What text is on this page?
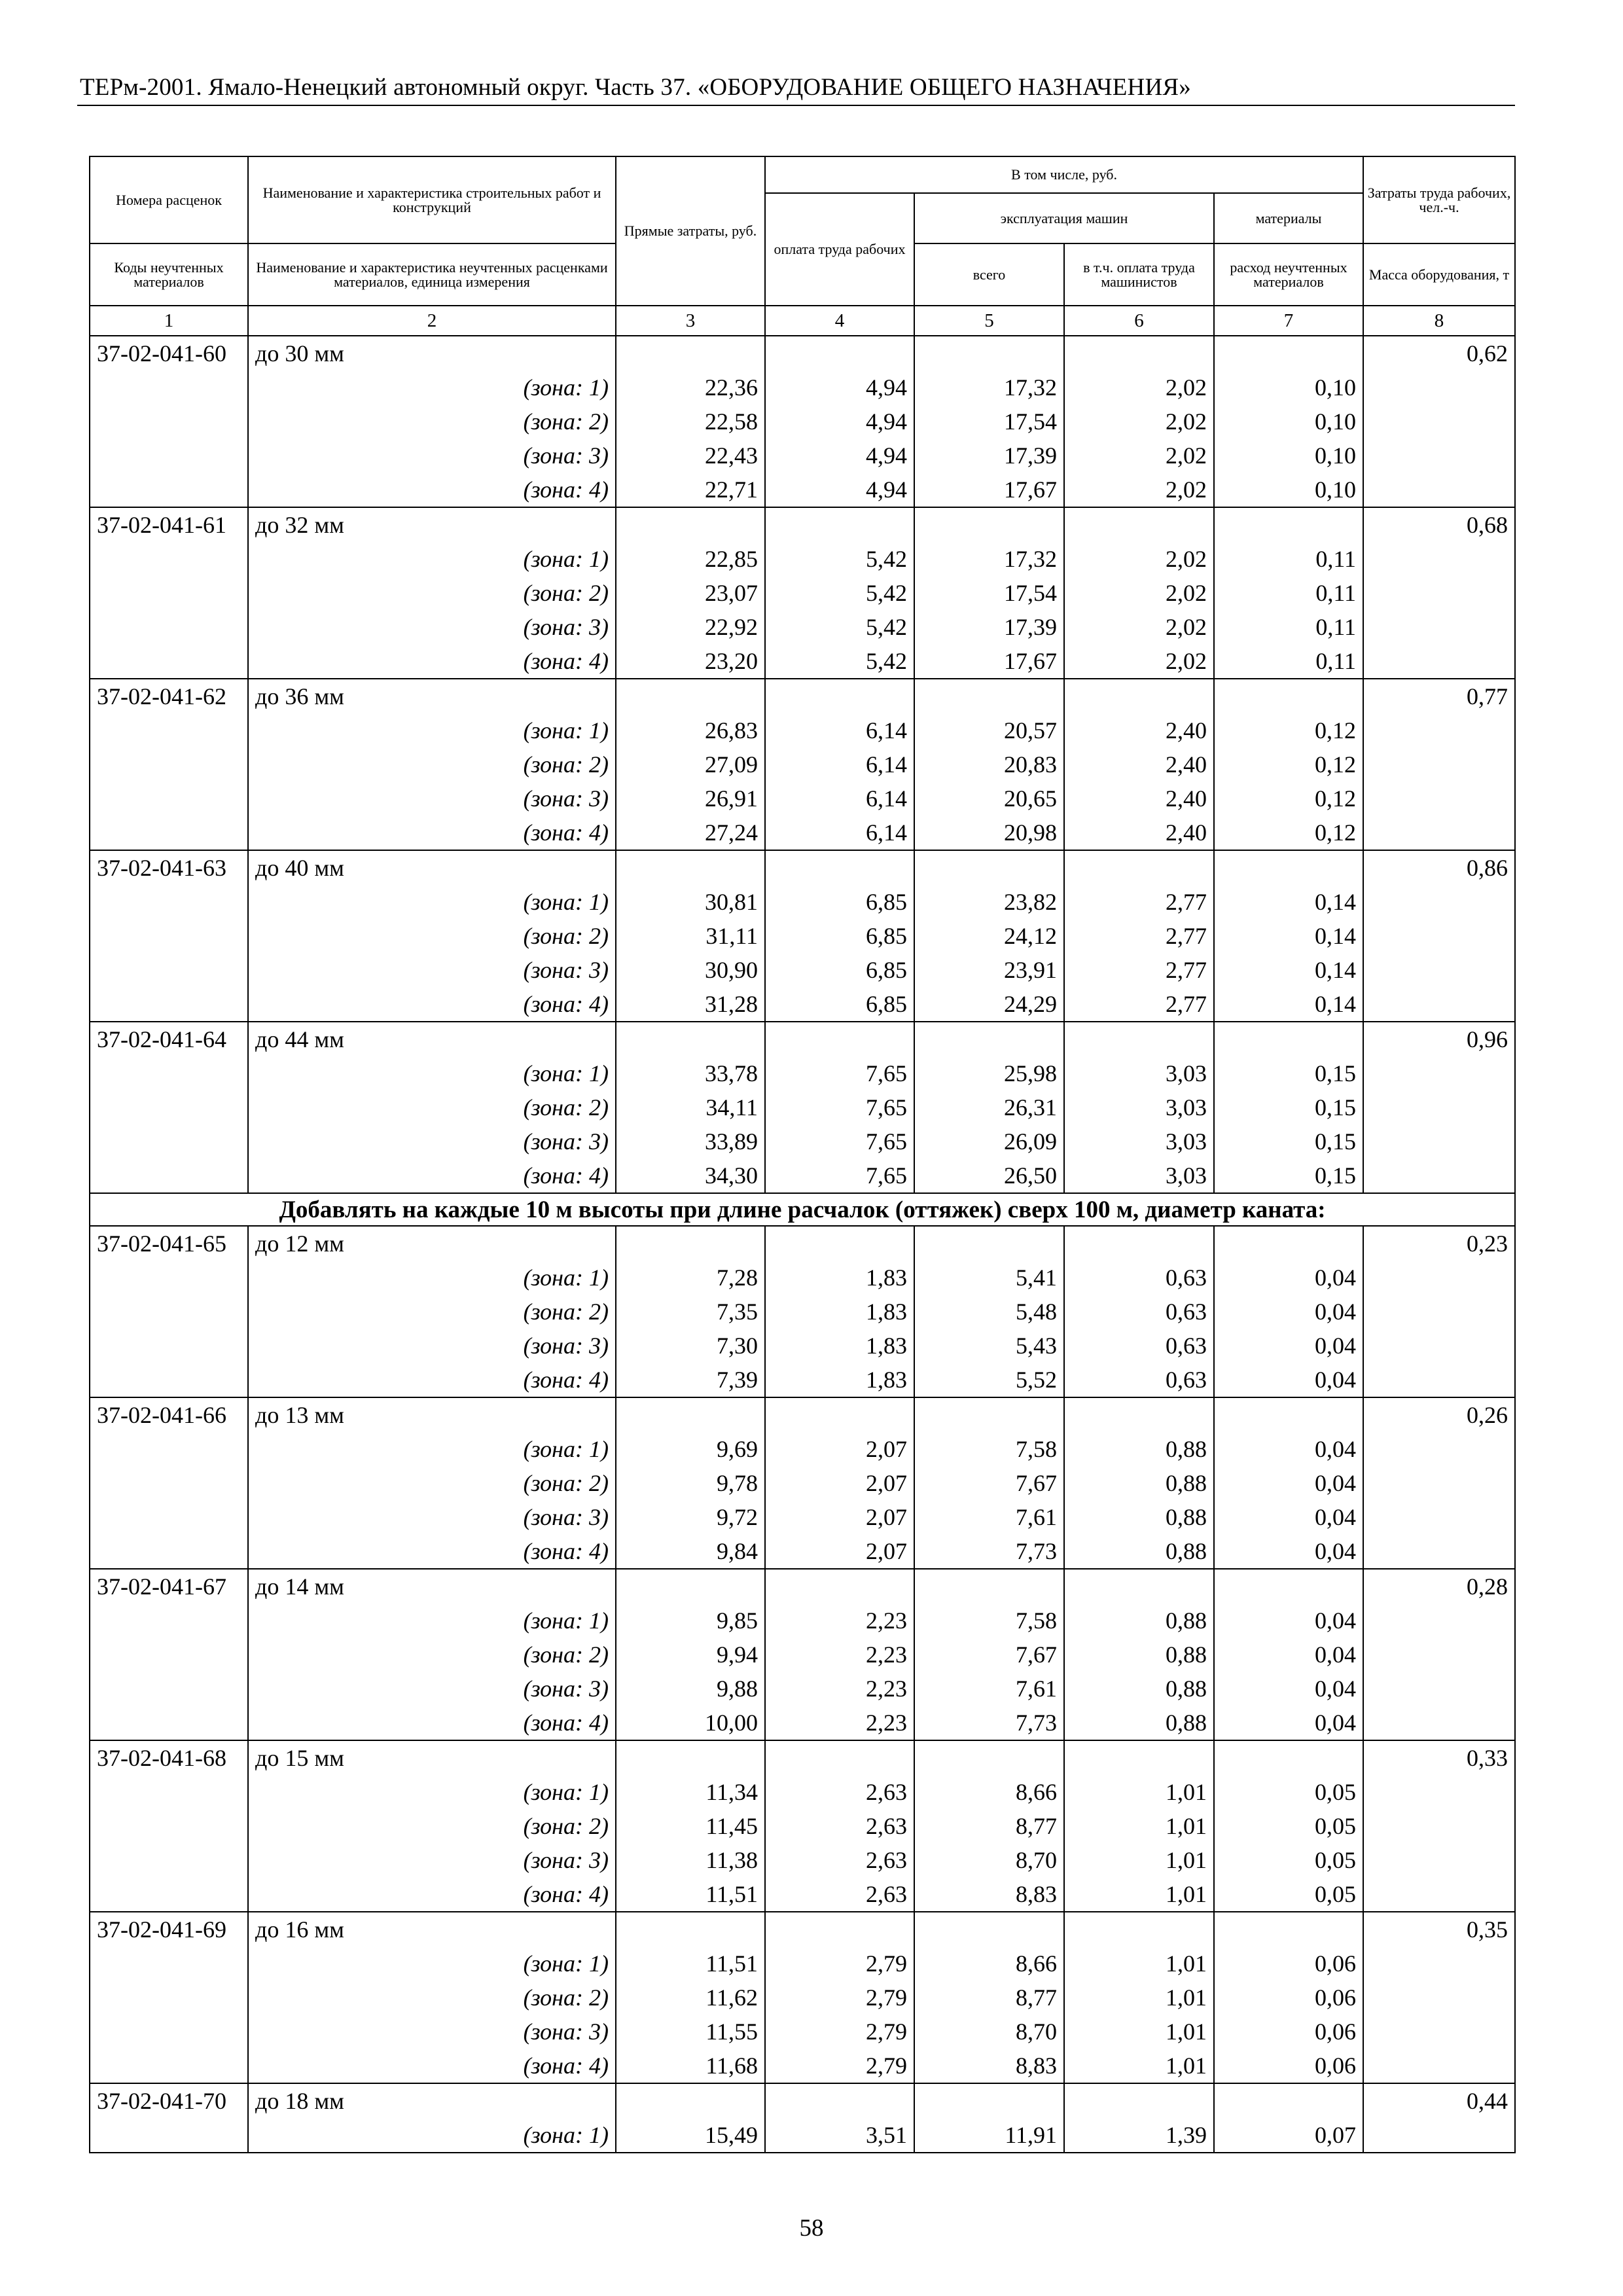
ТЕРм-2001. Ямало-Ненецкий автономный округ. Часть 37. «ОБОРУДОВАНИЕ ОБЩЕГО НАЗНАЧЕНИЯ»
Номера расценок	Наименование и характеристика строительных работ и конструкций	Прямые затраты, руб.	В том числе, руб.				Затраты труда рабочих, чел.-ч.
			оплата труда рабочих	эксплуатация машин		материалы	
Коды неучтенных материалов	Наименование и характеристика неучтенных расценками материалов, единица измерения			всего	в т.ч. оплата труда машинистов	расход неучтенных материалов	Масса оборудования, т
1	2	3	4	5	6	7	8
37-02-041-60	до 30 мм						0,62
	(зона: 1)	22,36	4,94	17,32	2,02	0,10	
	(зона: 2)	22,58	4,94	17,54	2,02	0,10	
	(зона: 3)	22,43	4,94	17,39	2,02	0,10	
	(зона: 4)	22,71	4,94	17,67	2,02	0,10	
37-02-041-61	до 32 мм						0,68
	(зона: 1)	22,85	5,42	17,32	2,02	0,11	
	(зона: 2)	23,07	5,42	17,54	2,02	0,11	
	(зона: 3)	22,92	5,42	17,39	2,02	0,11	
	(зона: 4)	23,20	5,42	17,67	2,02	0,11	
37-02-041-62	до 36 мм						0,77
	(зона: 1)	26,83	6,14	20,57	2,40	0,12	
	(зона: 2)	27,09	6,14	20,83	2,40	0,12	
	(зона: 3)	26,91	6,14	20,65	2,40	0,12	
	(зона: 4)	27,24	6,14	20,98	2,40	0,12	
37-02-041-63	до 40 мм						0,86
	(зона: 1)	30,81	6,85	23,82	2,77	0,14	
	(зона: 2)	31,11	6,85	24,12	2,77	0,14	
	(зона: 3)	30,90	6,85	23,91	2,77	0,14	
	(зона: 4)	31,28	6,85	24,29	2,77	0,14	
37-02-041-64	до 44 мм						0,96
	(зона: 1)	33,78	7,65	25,98	3,03	0,15	
	(зона: 2)	34,11	7,65	26,31	3,03	0,15	
	(зона: 3)	33,89	7,65	26,09	3,03	0,15	
	(зона: 4)	34,30	7,65	26,50	3,03	0,15	
Добавлять на каждые 10 м высоты при длине расчалок (оттяжек) сверх 100 м, диаметр каната:							
37-02-041-65	до 12 мм						0,23
	(зона: 1)	7,28	1,83	5,41	0,63	0,04	
	(зона: 2)	7,35	1,83	5,48	0,63	0,04	
	(зона: 3)	7,30	1,83	5,43	0,63	0,04	
	(зона: 4)	7,39	1,83	5,52	0,63	0,04	
37-02-041-66	до 13 мм						0,26
	(зона: 1)	9,69	2,07	7,58	0,88	0,04	
	(зона: 2)	9,78	2,07	7,67	0,88	0,04	
	(зона: 3)	9,72	2,07	7,61	0,88	0,04	
	(зона: 4)	9,84	2,07	7,73	0,88	0,04	
37-02-041-67	до 14 мм						0,28
	(зона: 1)	9,85	2,23	7,58	0,88	0,04	
	(зона: 2)	9,94	2,23	7,67	0,88	0,04	
	(зона: 3)	9,88	2,23	7,61	0,88	0,04	
	(зона: 4)	10,00	2,23	7,73	0,88	0,04	
37-02-041-68	до 15 мм						0,33
	(зона: 1)	11,34	2,63	8,66	1,01	0,05	
	(зона: 2)	11,45	2,63	8,77	1,01	0,05	
	(зона: 3)	11,38	2,63	8,70	1,01	0,05	
	(зона: 4)	11,51	2,63	8,83	1,01	0,05	
37-02-041-69	до 16 мм						0,35
	(зона: 1)	11,51	2,79	8,66	1,01	0,06	
	(зона: 2)	11,62	2,79	8,77	1,01	0,06	
	(зона: 3)	11,55	2,79	8,70	1,01	0,06	
	(зона: 4)	11,68	2,79	8,83	1,01	0,06	
37-02-041-70	до 18 мм						0,44
	(зона: 1)	15,49	3,51	11,91	1,39	0,07	
58
